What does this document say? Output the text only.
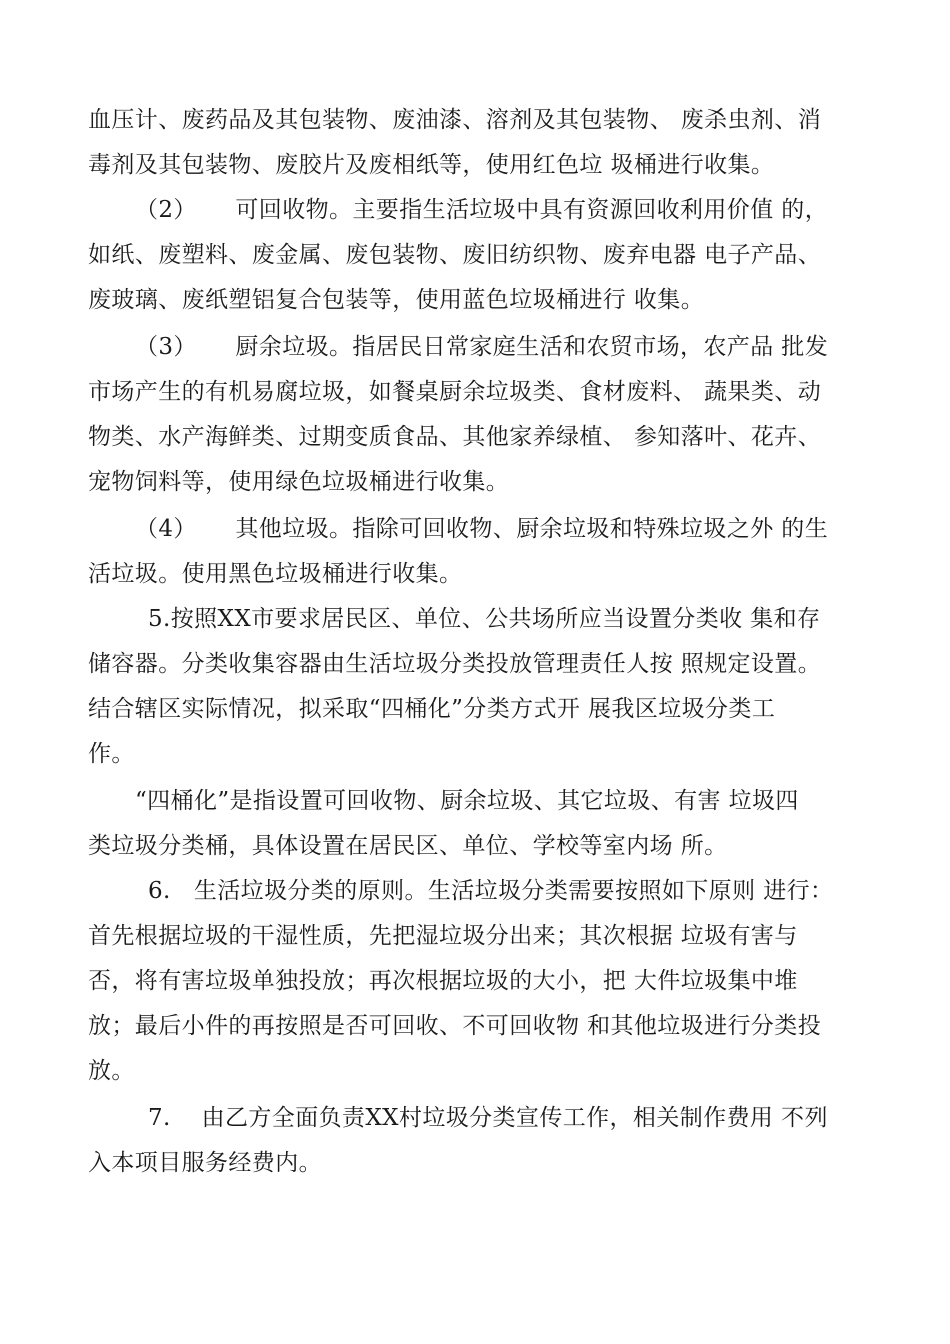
血压计、废药品及其包装物、废油漆、溶剂及其包装物、 废杀虫剂、消
毒剂及其包装物、废胶片及废相纸等，使用红色垃 圾桶进行收集。
（2）     可回收物。主要指生活垃圾中具有资源回收利用价值 的，
如纸、废塑料、废金属、废包装物、废旧纺织物、废弃电器 电子产品、
废玻璃、废纸塑铝复合包装等，使用蓝色垃圾桶进行 收集。
（3）     厨余垃圾。指居民日常家庭生活和农贸市场，农产品 批发
市场产生的有机易腐垃圾，如餐桌厨余垃圾类、食材废料、 蔬果类、动
物类、水产海鲜类、过期变质食品、其他家养绿植、 参知落叶、花卉、
宠物饲料等，使用绿色垃圾桶进行收集。
（4）     其他垃圾。指除可回收物、厨余垃圾和特殊垃圾之外 的生
活垃圾。使用黑色垃圾桶进行收集。
5.按照XX市要求居民区、单位、公共场所应当设置分类收 集和存
储容器。分类收集容器由生活垃圾分类投放管理责任人按 照规定设置。
结合辖区实际情况，拟采取“四桶化”分类方式开 展我区垃圾分类工
作。
“四桶化”是指设置可回收物、厨余垃圾、其它垃圾、有害 垃圾四
类垃圾分类桶，具体设置在居民区、单位、学校等室内场 所。
6.   生活垃圾分类的原则。生活垃圾分类需要按照如下原则 进行：
首先根据垃圾的干湿性质，先把湿垃圾分出来；其次根据 垃圾有害与
否，将有害垃圾单独投放；再次根据垃圾的大小，把 大件垃圾集中堆
放；最后小件的再按照是否可回收、不可回收物 和其他垃圾进行分类投
放。
7.    由乙方全面负责XX村垃圾分类宣传工作，相关制作费用 不列
入本项目服务经费内。
